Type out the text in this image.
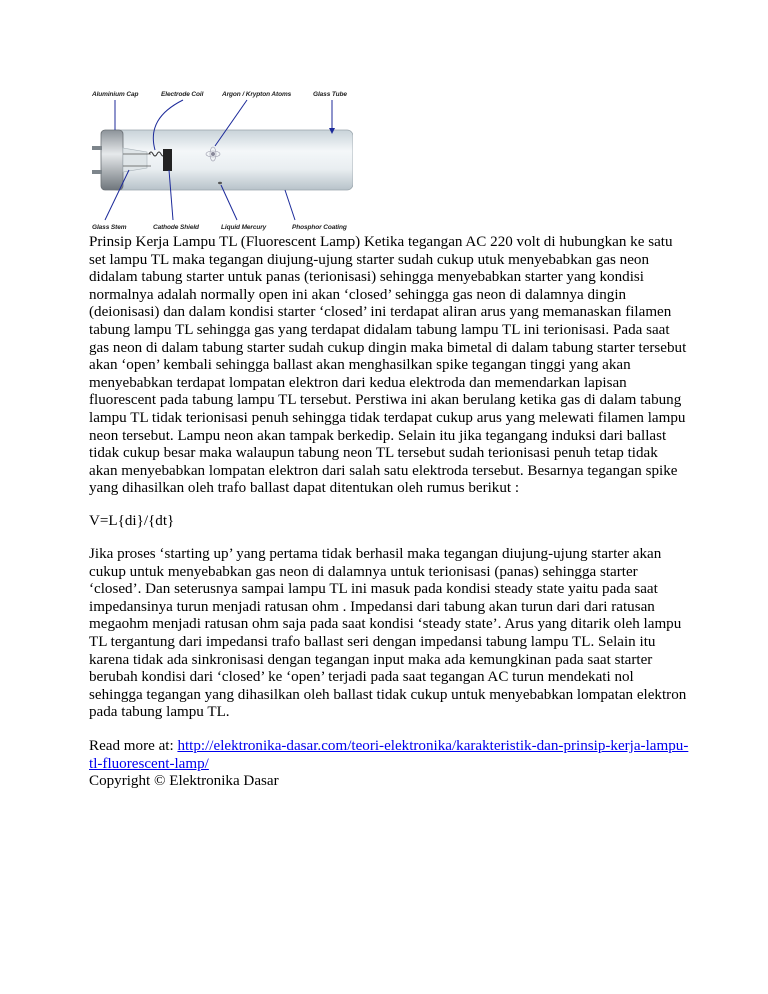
Aluminium Cap	Electrode Coil	Argon / Krypton Atoms	Glass Tube
Glass Stem	Cathode Shield	Liquid Mercury	Phosphor Coating

Prinsip Kerja Lampu TL (Fluorescent Lamp) Ketika tegangan AC 220 volt di hubungkan ke satu set lampu TL maka tegangan diujung-ujung starter sudah cukup utuk menyebabkan gas neon didalam tabung starter untuk panas (terionisasi) sehingga menyebabkan starter yang kondisi normalnya adalah normally open ini akan ‘closed’ sehingga gas neon di dalamnya dingin (deionisasi) dan dalam kondisi starter ‘closed’ ini terdapat aliran arus yang memanaskan filamen tabung lampu TL sehingga gas yang terdapat didalam tabung lampu TL ini terionisasi. Pada saat gas neon di dalam tabung starter sudah cukup dingin maka bimetal di dalam tabung starter tersebut akan ‘open’ kembali sehingga ballast akan menghasilkan spike tegangan tinggi yang akan menyebabkan terdapat lompatan elektron dari kedua elektroda dan memendarkan lapisan fluorescent pada tabung lampu TL tersebut. Perstiwa ini akan berulang ketika gas di dalam tabung lampu TL tidak terionisasi penuh sehingga tidak terdapat cukup arus yang melewati filamen lampu neon tersebut. Lampu neon akan tampak berkedip. Selain itu jika tegangang induksi dari ballast tidak cukup besar maka walaupun tabung neon TL tersebut sudah terionisasi penuh tetap tidak akan menyebabkan lompatan elektron dari salah satu elektroda tersebut. Besarnya tegangan spike yang dihasilkan oleh trafo ballast dapat ditentukan oleh rumus berikut :

V=L{di}/{dt}

Jika proses ‘starting up’ yang pertama tidak berhasil maka tegangan diujung-ujung starter akan cukup untuk menyebabkan gas neon di dalamnya untuk terionisasi (panas) sehingga starter ‘closed’. Dan seterusnya sampai lampu TL ini masuk pada kondisi steady state yaitu pada saat impedansinya turun menjadi ratusan ohm . Impedansi dari tabung akan turun dari dari ratusan megaohm menjadi ratusan ohm saja pada saat kondisi ‘steady state’. Arus yang ditarik oleh lampu TL tergantung dari impedansi trafo ballast seri dengan impedansi tabung lampu TL. Selain itu karena tidak ada sinkronisasi dengan tegangan input maka ada kemungkinan pada saat starter berubah kondisi dari ‘closed’ ke ‘open’ terjadi pada saat tegangan AC turun mendekati nol sehingga tegangan yang dihasilkan oleh ballast tidak cukup untuk menyebabkan lompatan elektron pada tabung lampu TL.

Read more at: http://elektronika-dasar.com/teori-elektronika/karakteristik-dan-prinsip-kerja-lampu-tl-fluorescent-lamp/

Copyright © Elektronika Dasar
